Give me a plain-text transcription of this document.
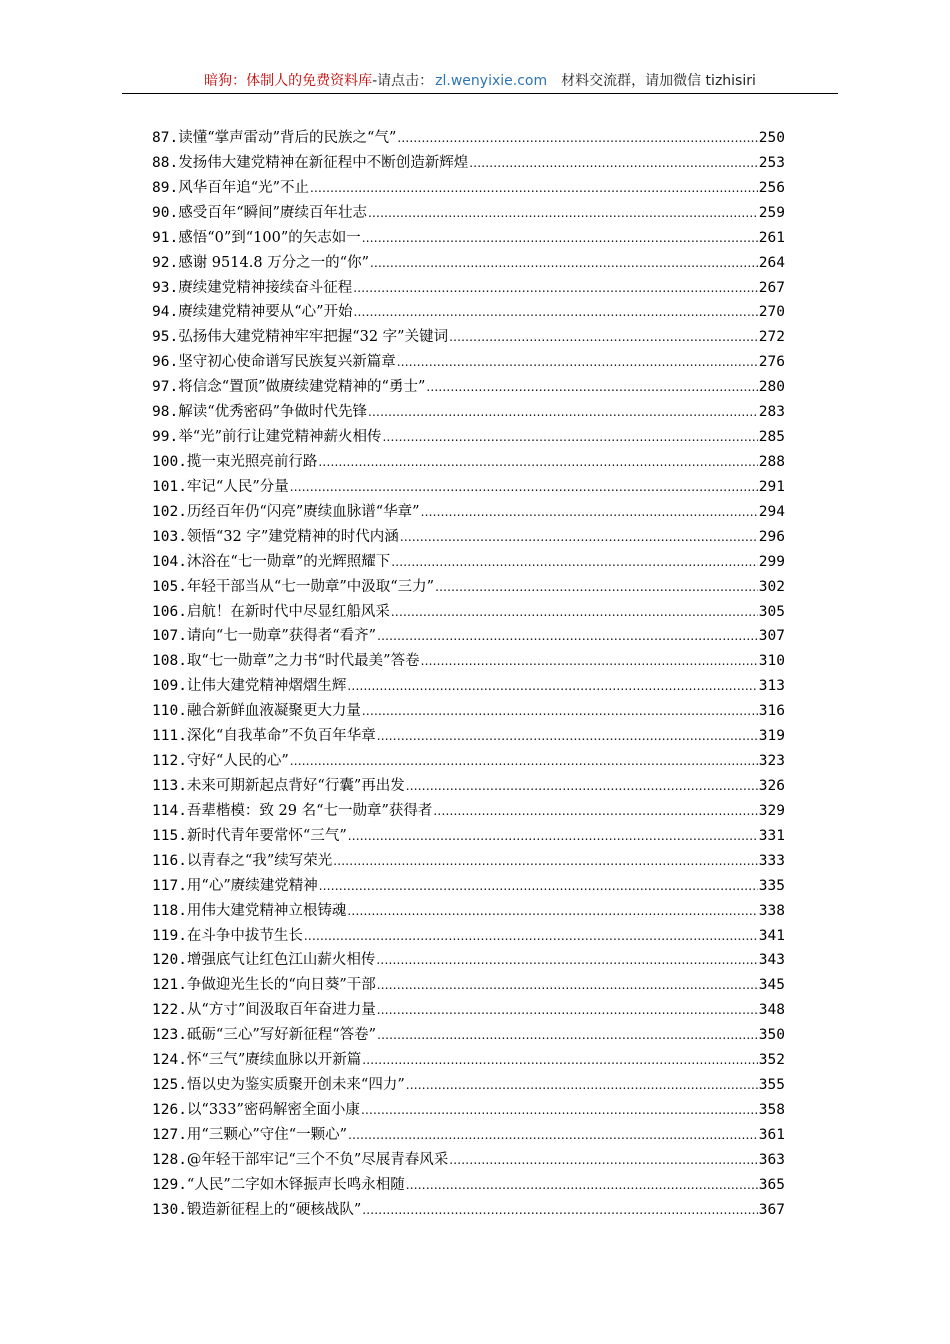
暗狗：体制人的免费资料库-请点击： zl.wenyixie.com 材料交流群，请加微信 tizhisiri
87. 读懂“掌声雷动”背后的民族之“气” .....	250
88. 发扬伟大建党精神在新征程中不断创造新辉煌 .....	253
89. 风华百年追“光”不止 .....	256
90. 感受百年“瞬间”赓续百年壮志 .....	259
91. 感悟“0”到“100”的矢志如一 .....	261
92. 感谢 9514.8 万分之一的“你” .....	264
93. 赓续建党精神接续奋斗征程 .....	267
94. 赓续建党精神要从“心”开始 .....	270
95. 弘扬伟大建党精神牢牢把握“32 字”关键词 .....	272
96. 坚守初心使命谱写民族复兴新篇章 .....	276
97. 将信念“置顶”做赓续建党精神的“勇士” .....	280
98. 解读“优秀密码”争做时代先锋 .....	283
99. 举“光”前行让建党精神薪火相传 .....	285
100. 揽一束光照亮前行路 .....	288
101. 牢记“人民”分量 .....	291
102. 历经百年仍“闪亮”赓续血脉谱“华章” .....	294
103. 领悟“32 字”建党精神的时代内涵 .....	296
104. 沐浴在“七一勋章”的光辉照耀下 .....	299
105. 年轻干部当从“七一勋章”中汲取“三力” .....	302
106. 启航！在新时代中尽显红船风采 .....	305
107. 请向“七一勋章”获得者“看齐” .....	307
108. 取“七一勋章”之力书“时代最美”答卷 .....	310
109. 让伟大建党精神熠熠生辉 .....	313
110. 融合新鲜血液凝聚更大力量 .....	316
111. 深化“自我革命”不负百年华章 .....	319
112. 守好“人民的心” .....	323
113. 未来可期新起点背好“行囊”再出发 .....	326
114. 吾辈楷模：致 29 名“七一勋章”获得者 .....	329
115. 新时代青年要常怀“三气” .....	331
116. 以青春之“我”续写荣光 .....	333
117. 用“心”赓续建党精神 .....	335
118. 用伟大建党精神立根铸魂 .....	338
119. 在斗争中拔节生长 .....	341
120. 增强底气让红色江山薪火相传 .....	343
121. 争做迎光生长的“向日葵”干部 .....	345
122. 从“方寸”间汲取百年奋进力量 .....	348
123. 砥砺“三心”写好新征程“答卷” .....	350
124. 怀“三气”赓续血脉以开新篇 .....	352
125. 悟以史为鉴实质聚开创未来“四力” .....	355
126. 以“333”密码解密全面小康 .....	358
127. 用“三颗心”守住“一颗心” .....	361
128. @年轻干部牢记“三个不负”尽展青春风采 .....	363
129. “人民”二字如木铎振声长鸣永相随 .....	365
130. 锻造新征程上的“硬核战队” .....	367
